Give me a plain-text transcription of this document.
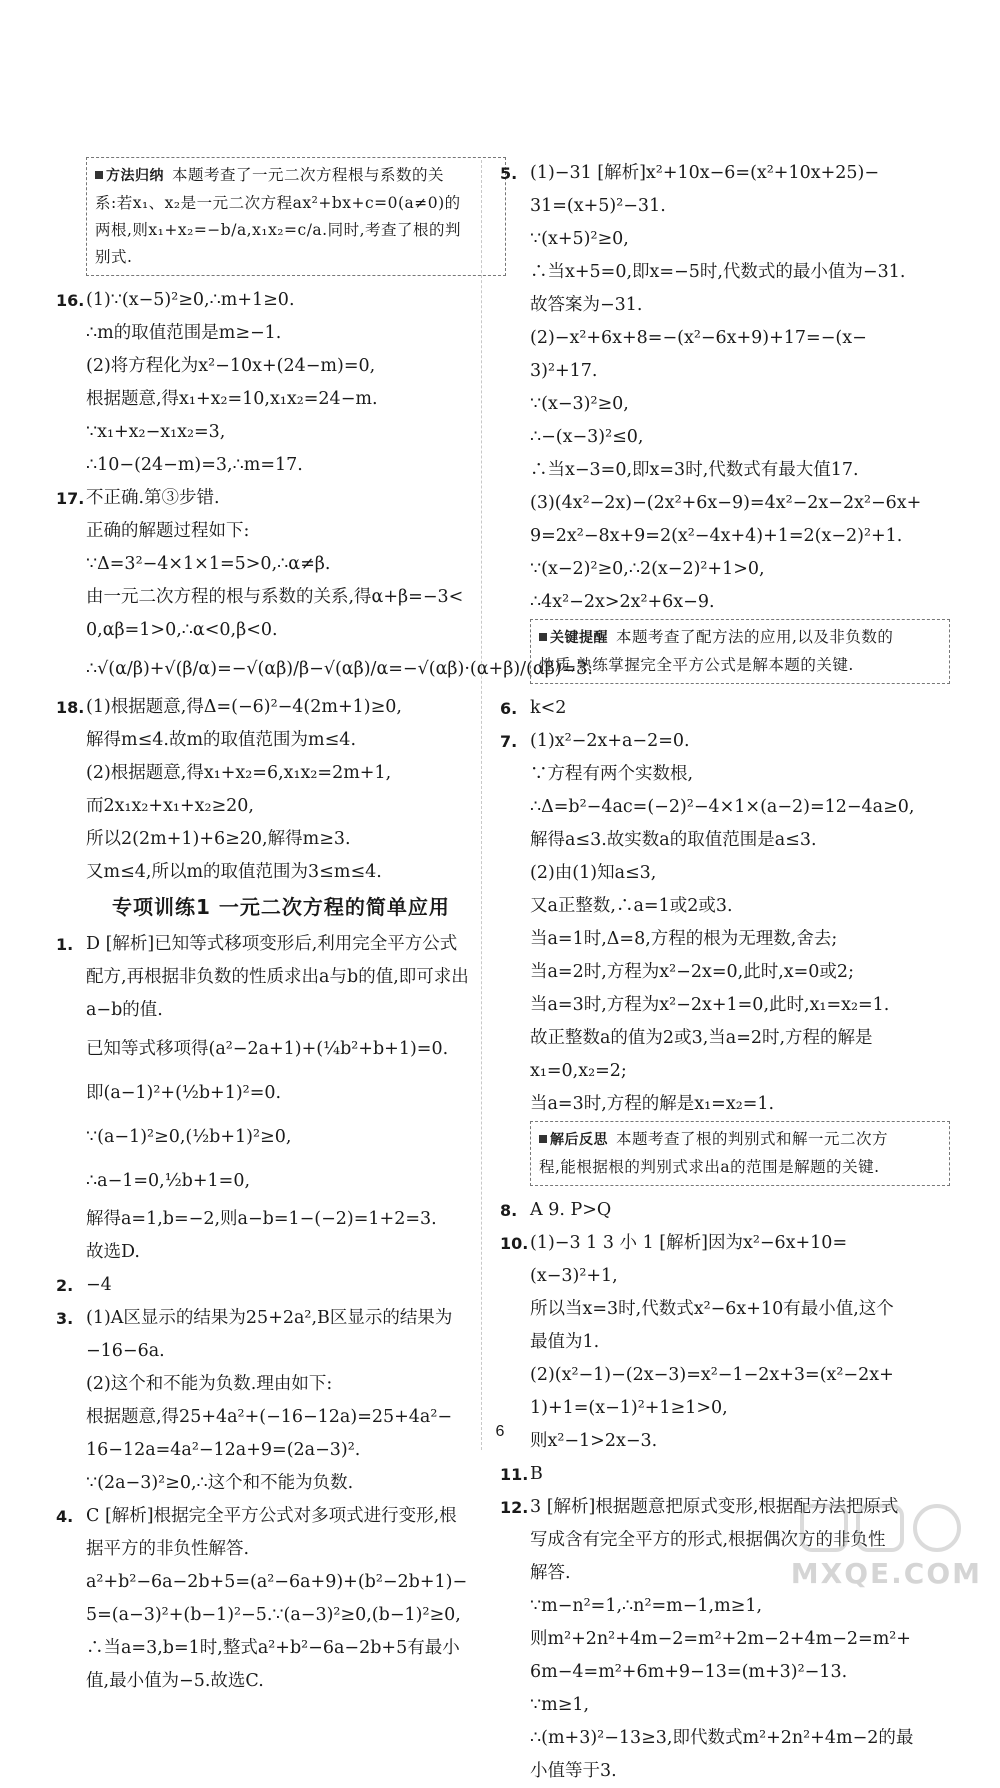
方法归纳 本题考查了一元二次方程根与系数的关
系:若x₁、x₂是一元二次方程ax²+bx+c=0(a≠0)的
两根,则x₁+x₂=−b/a,x₁x₂=c/a.同时,考查了根的判
别式.
16. (1)∵(x−5)²≥0,∴m+1≥0.
∴m的取值范围是m≥−1.
(2)将方程化为x²−10x+(24−m)=0,
根据题意,得x₁+x₂=10,x₁x₂=24−m.
∵x₁+x₂−x₁x₂=3,
∴10−(24−m)=3,∴m=17.
17. 不正确.第③步错.
正确的解题过程如下:
∵Δ=3²−4×1×1=5>0,∴α≠β.
由一元二次方程的根与系数的关系,得α+β=−3<
0,αβ=1>0,∴α<0,β<0.
∴√(α/β)+√(β/α)=−√(αβ)/β−√(αβ)/α=−√(αβ)·(α+β)/(αβ)=3.
18. (1)根据题意,得Δ=(−6)²−4(2m+1)≥0,
解得m≤4.故m的取值范围为m≤4.
(2)根据题意,得x₁+x₂=6,x₁x₂=2m+1,
而2x₁x₂+x₁+x₂≥20,
所以2(2m+1)+6≥20,解得m≥3.
又m≤4,所以m的取值范围为3≤m≤4.
专项训练1 一元二次方程的简单应用
1. D [解析]已知等式移项变形后,利用完全平方公式
配方,再根据非负数的性质求出a与b的值,即可求出
a−b的值.
已知等式移项得(a²−2a+1)+(¼b²+b+1)=0.
即(a−1)²+(½b+1)²=0.
∵(a−1)²≥0,(½b+1)²≥0,
∴a−1=0,½b+1=0,
解得a=1,b=−2,则a−b=1−(−2)=1+2=3.
故选D.
2. −4
3. (1)A区显示的结果为25+2a²,B区显示的结果为
−16−6a.
(2)这个和不能为负数.理由如下:
根据题意,得25+4a²+(−16−12a)=25+4a²−
16−12a=4a²−12a+9=(2a−3)².
∵(2a−3)²≥0,∴这个和不能为负数.
4. C [解析]根据完全平方公式对多项式进行变形,根
据平方的非负性解答.
a²+b²−6a−2b+5=(a²−6a+9)+(b²−2b+1)−
5=(a−3)²+(b−1)²−5.∵(a−3)²≥0,(b−1)²≥0,
∴当a=3,b=1时,整式a²+b²−6a−2b+5有最小
值,最小值为−5.故选C.
5. (1)−31 [解析]x²+10x−6=(x²+10x+25)−
31=(x+5)²−31.
∵(x+5)²≥0,
∴当x+5=0,即x=−5时,代数式的最小值为−31.
故答案为−31.
(2)−x²+6x+8=−(x²−6x+9)+17=−(x−
3)²+17.
∵(x−3)²≥0,
∴−(x−3)²≤0,
∴当x−3=0,即x=3时,代数式有最大值17.
(3)(4x²−2x)−(2x²+6x−9)=4x²−2x−2x²−6x+
9=2x²−8x+9=2(x²−4x+4)+1=2(x−2)²+1.
∵(x−2)²≥0,∴2(x−2)²+1>0,
∴4x²−2x>2x²+6x−9.
关键提醒 本题考查了配方法的应用,以及非负数的
性质,熟练掌握完全平方公式是解本题的关键.
6. k<2
7. (1)x²−2x+a−2=0.
∵方程有两个实数根,
∴Δ=b²−4ac=(−2)²−4×1×(a−2)=12−4a≥0,
解得a≤3.故实数a的取值范围是a≤3.
(2)由(1)知a≤3,
又a正整数,∴a=1或2或3.
当a=1时,Δ=8,方程的根为无理数,舍去;
当a=2时,方程为x²−2x=0,此时,x=0或2;
当a=3时,方程为x²−2x+1=0,此时,x₁=x₂=1.
故正整数a的值为2或3,当a=2时,方程的解是
x₁=0,x₂=2;
当a=3时,方程的解是x₁=x₂=1.
解后反思 本题考查了根的判别式和解一元二次方
程,能根据根的判别式求出a的范围是解题的关键.
8. A 9. P>Q
10. (1)−3 1 3 小 1 [解析]因为x²−6x+10=
(x−3)²+1,
所以当x=3时,代数式x²−6x+10有最小值,这个
最值为1.
(2)(x²−1)−(2x−3)=x²−1−2x+3=(x²−2x+
1)+1=(x−1)²+1≥1>0,
则x²−1>2x−3.
11. B
12. 3 [解析]根据题意把原式变形,根据配方法把原式
写成含有完全平方的形式,根据偶次方的非负性
解答.
∵m−n²=1,∴n²=m−1,m≥1,
则m²+2n²+4m−2=m²+2m−2+4m−2=m²+
6m−4=m²+6m+9−13=(m+3)²−13.
∵m≥1,
∴(m+3)²−13≥3,即代数式m²+2n²+4m−2的最
小值等于3.
6
MXQE.COM
